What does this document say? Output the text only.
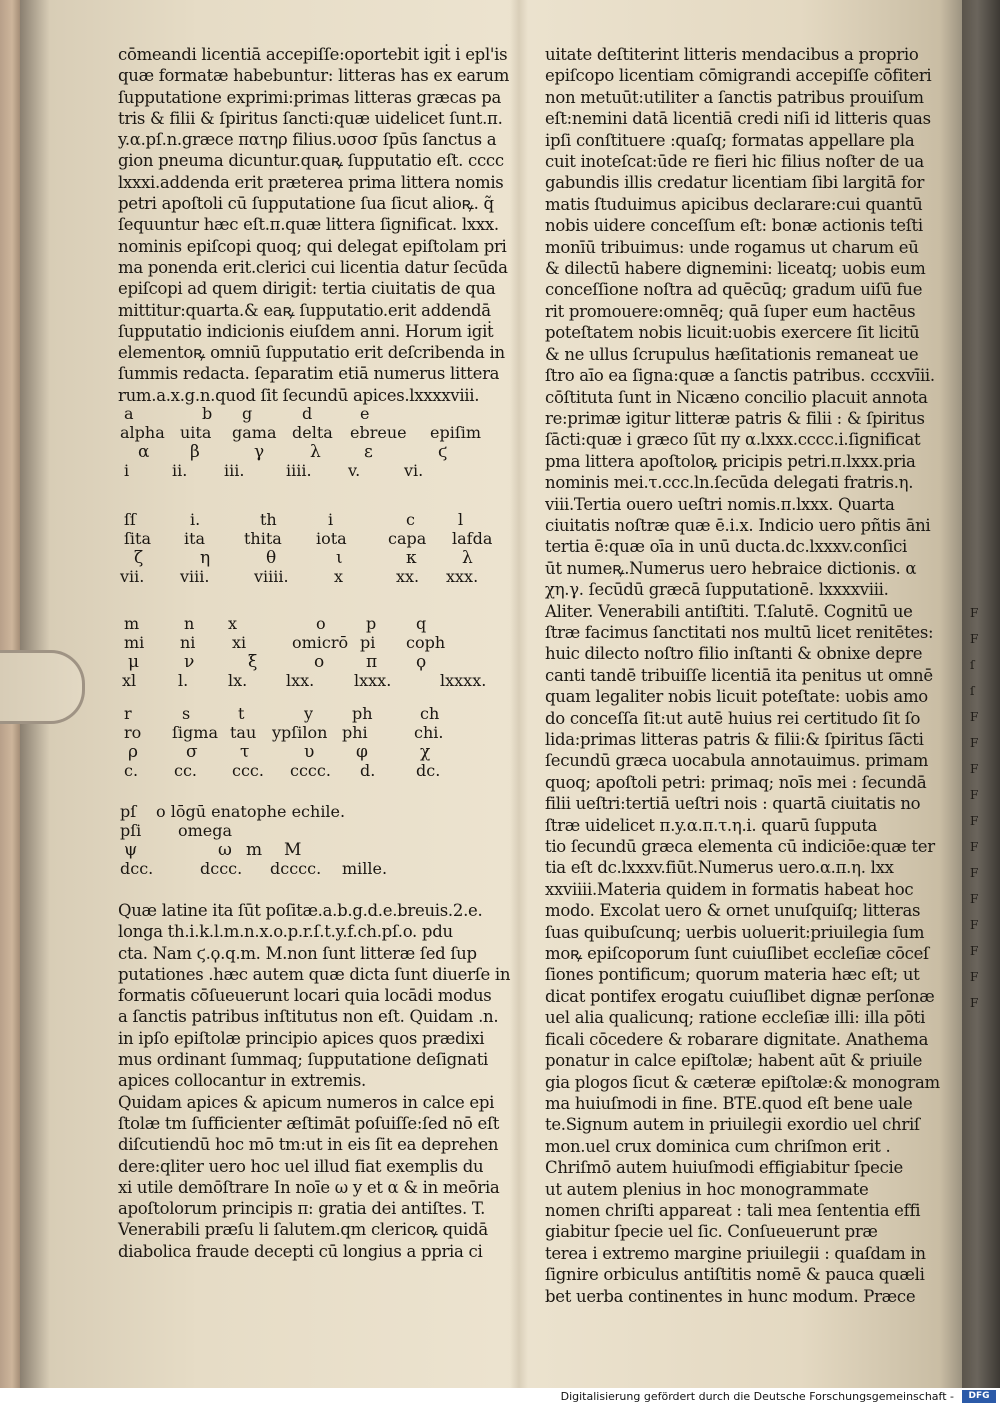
cōmeandi licentiā accepiſſe:oportebit igiṫ i epl'is

quæ formatæ habebuntur: litteras has ex earum

ſupputatione exprimi:primas litteras græcas pa

tris & filii & ſpiritus ſancti:quæ uidelicet ſunt.π.

y.α.pſ.n.græce πατηρ filius.υσοσ ſpūs ſanctus a

gion pneuma dicuntur.quaꝶ ſupputatio eſt. cccc

lxxxi.addenda erit præterea prima littera nomis

petri apoſtoli cū ſupputatione ſua ſicut alioꝶ. q̃

ſequuntur hæc eſt.π.quæ littera ſignificat. lxxx.

nominis epiſcopi quoq; qui delegat epiſtolam pri

ma ponenda erit.clerici cui licentia datur ſecūda

epiſcopi ad quem dirigiṫ: tertia ciuitatis de qua

mittitur:quarta.& eaꝶ ſupputatio.erit addendā

ſupputatio indicionis eiuſdem anni. Horum igiṫ

elementoꝶ omniū ſupputatio erit deſcribenda in

ſummis redacta. ſeparatim etiā numerus littera

rum.a.x.g.n.quod ſit ſecundū apices.lxxxxviii.

a	b g	d	e
alpha uita gama delta ebreue epiſim
α β	γ	λ	ε	ϛ
i	ii. iii.	iiii. v.	vi.
ſſ	i.	th	i	c	l
ſita ita thita iota	capa lafda
ζ	η	θ	ι	κ	λ
vii. viii.	viiii.	x	xx. xxx.
m	n x	o	p q
mi ni xi	omicrō pi coph
μ	ν	ξ	ο π ϙ
xl	l. lx. lxx. lxxx.	lxxxx.
r	s	t	y ph	ch
ro ſigma tau ypſilon phi	chi.
ρ	σ τ	υ φ	χ
c. cc. ccc. cccc. d.	dc.
pſ o lōgū enatophe echile.
pſi omega
ψ	ω m M
dcc.	dccc. dcccc. mille.

Quæ latine ita ſūt poſitæ.a.b.g.d.e.breuis.2.e.

longa th.i.k.l.m.n.x.o.p.r.ſ.t.y.f.ch.pſ.o. pdu

cta. Nam ϛ.ϙ.q.m. M.non ſunt litteræ ſed ſup

putationes .hæc autem quæ dicta ſunt diuerſe in

formatis cōſueuerunt locari quia locādi modus

a ſanctis patribus inſtitutus non eſt. Quidam .n.

in ipſo epiſtolæ principio apices quos prædixi

mus ordinant ſummaq; ſupputatione deſignati

apices collocantur in extremis.

Quidam apices & apicum numeros in calce epi

ſtolæ tm ſufficienter æſtimāt poſuiſſe:ſed nō eſt

diſcutiendū hoc mō tm:ut in eis ſit ea deprehen

dere:qliter uero hoc uel illud fiat exemplis du

xi utile demōſtrare In noīe ω y et α & in meōria

apoſtolorum principis π: gratia dei antiſtes. T.

Venerabili præſu li ſalutem.qm clericoꝶ quidā

diabolica fraude decepti cū longius a ppria ci

uitate deſtiterint litteris mendacibus a proprio

epiſcopo licentiam cōmigrandi accepiſſe cōfiteri

non metuūt:utiliter a ſanctis patribus prouiſum

eſt:nemini datā licentiā credi niſi id litteris quas

ipſi conſtituere :quaſq; formatas appellare pla

cuit inoteſcat:ūde re fieri hic filius noſter de ua

gabundis illis credatur licentiam ſibi largitā for

matis ſtuduimus apicibus declarare:cui quantū

nobis uidere conceſſum eſt: bonæ actionis teſti

monīū tribuimus: unde rogamus ut charum eū

& dilectū habere dignemini: liceatq; uobis eum

conceſſione noſtra ad quēcūq; gradum uiſū fue

rit promouere:omnēq; quā ſuper eum hactēus

poteſtatem nobis licuit:uobis exercere ſit licitū

& ne ullus ſcrupulus hæſitationis remaneat ue

ſtro aīo ea ſigna:quæ a ſanctis patribus. cccxvīii.

cōſtituta ſunt in Nicæno concilio placuit annota

re:primæ igitur litteræ patris & filii : & ſpiritus

ſācti:quæ i græco ſūt πy α.lxxx.cccc.i.ſignificat

pma littera apoſtoloꝶ pricipis petri.π.lxxx.pria

nominis mei.τ.ccc.ln.ſecūda delegati fratris.η.

viii.Tertia ouero ueſtri nomis.π.lxxx. Quarta

ciuitatis noſtræ quæ ē.i.x. Indicio uero pñtis āni

tertia ē:quæ oīa in unū ducta.dc.lxxxv.conſici

ūt numeꝶ.Numerus uero hebraice dictionis. α

χη.γ. ſecūdū græcā ſupputationē. lxxxxviii.

Aliter. Venerabili antiſtiti. T.ſalutē. Cognitū ue

ſtræ facimus ſanctitati nos multū licet renitētes:

huic dilecto noſtro filio inſtanti & obnixe depre

canti tandē tribuiſſe licentiā ita penitus ut omnē

quam legaliter nobis licuit poteſtate: uobis amo

do conceſſa ſit:ut autē huius rei certitudo ſit ſo

lida:primas litteras patris & filii:& ſpiritus ſācti

ſecundū græca uocabula annotauimus. primam

quoq; apoſtoli petri: primaq; noīs mei : ſecundā

filii ueſtri:tertiā ueſtri nois : quartā ciuitatis no

ſtræ uidelicet π.y.α.π.τ.η.i. quarū ſupputa

tio ſecundū græca elementa cū indiciōe:quæ ter

tia eſt dc.lxxxv.fiūt.Numerus uero.α.π.η. lxx

xxviiii.Materia quidem in formatis habeat hoc

modo. Excolat uero & ornet unuſquiſq; litteras

ſuas quibuſcunq; uerbis uoluerit:priuilegia ſum

moꝶ epiſcoporum ſunt cuiuſlibet eccleſiæ cōceſ

ſiones pontificum; quorum materia hæc eſt; ut

dicat pontifex erogatu cuiuſlibet dignæ perſonæ

uel alia qualicunq; ratione eccleſiæ illi: illa pōti

ficali cōcedere & robarare dignitate. Anathema

ponatur in calce epiſtolæ; habent aūt & priuile

gia plogos ſicut & cæteræ epiſtolæ:& monogram

ma huiuſmodi in fine. BTE.quod eſt bene uale

te.Signum autem in priuilegii exordio uel chriſ

mon.uel crux dominica cum chriſmon erit .

Chriſmō autem huiuſmodi effigiabitur ſpecie

ut autem plenius in hoc monogrammate

nomen chriſti appareat : tali mea ſententia effi

giabitur ſpecie uel ſic. Conſueuerunt præ

terea i extremo margine priuilegii : quaſdam in

ſignire orbiculus antiſtitis nomē & pauca quæli

bet uerba continentes in hunc modum. Præce

F
F
ſ
ſ
F
F
F
F
F
F
F
F
F
F
F
F
Digitalisierung gefördert durch die Deutsche Forschungsgemeinschaft -	DFG
